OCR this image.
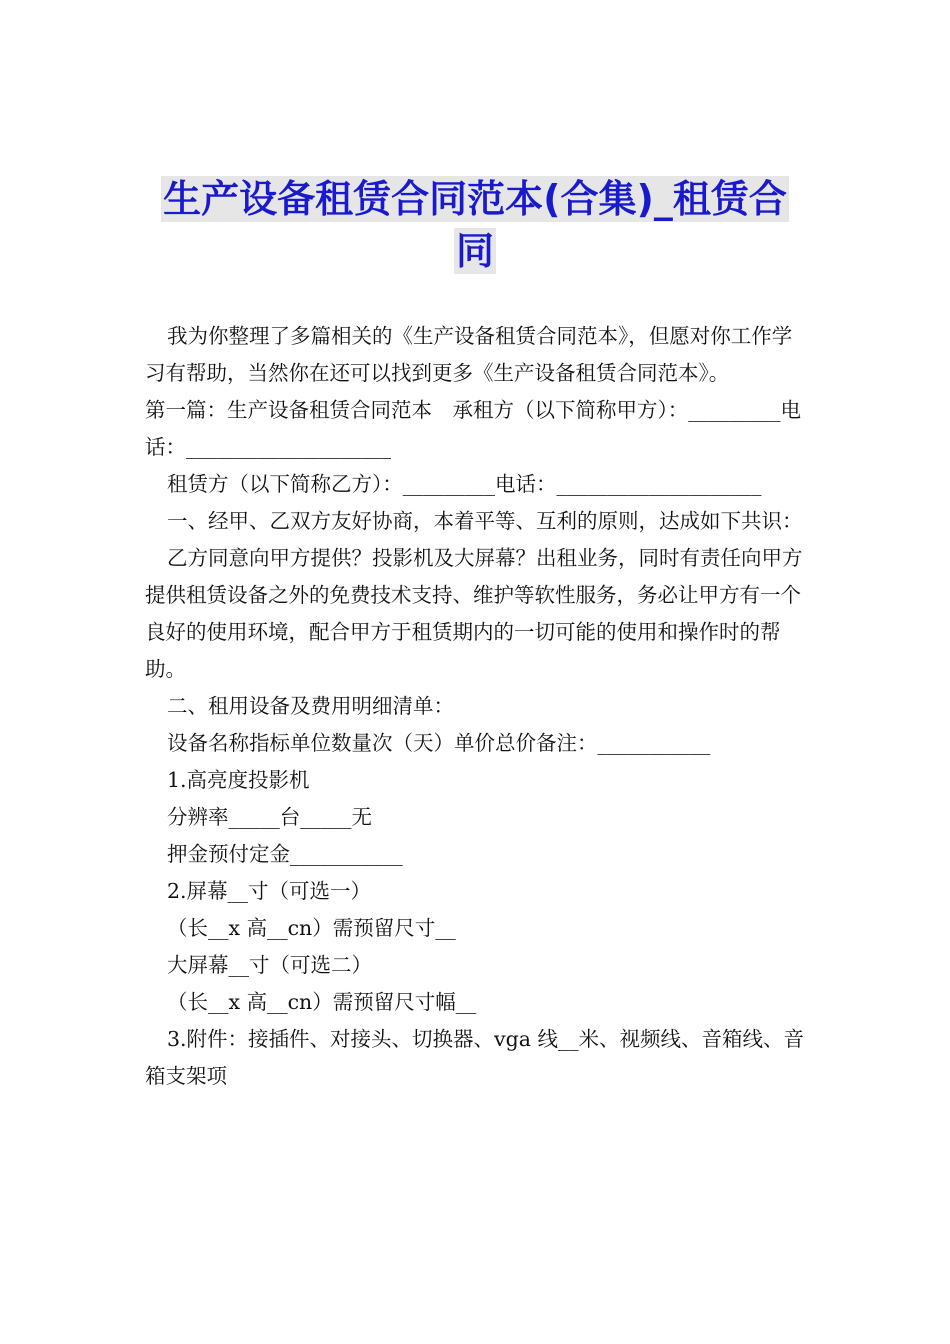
生产设备租赁合同范本(合集)_租赁合
同

我为你整理了多篇相关的《生产设备租赁合同范本》，但愿对你工作学习有帮助，当然你在还可以找到更多《生产设备租赁合同范本》。

第一篇：生产设备租赁合同范本　承租方（以下简称甲方）：_________电话：____________________

租赁方（以下简称乙方）：_________电话：____________________

一、经甲、乙双方友好协商，本着平等、互利的原则，达成如下共识：

乙方同意向甲方提供？投影机及大屏幕？出租业务，同时有责任向甲方提供租赁设备之外的免费技术支持、维护等软性服务，务必让甲方有一个良好的使用环境，配合甲方于租赁期内的一切可能的使用和操作时的帮助。

二、租用设备及费用明细清单：

设备名称指标单位数量次（天）单价总价备注：___________

1.高亮度投影机

分辨率_____台_____无

押金预付定金___________

2.屏幕__寸（可选一）

（长__x 高__cn）需预留尺寸__

大屏幕__寸（可选二）

（长__x 高__cn）需预留尺寸幅__

3.附件：接插件、对接头、切换器、vga 线__米、视频线、音箱线、音箱支架项
